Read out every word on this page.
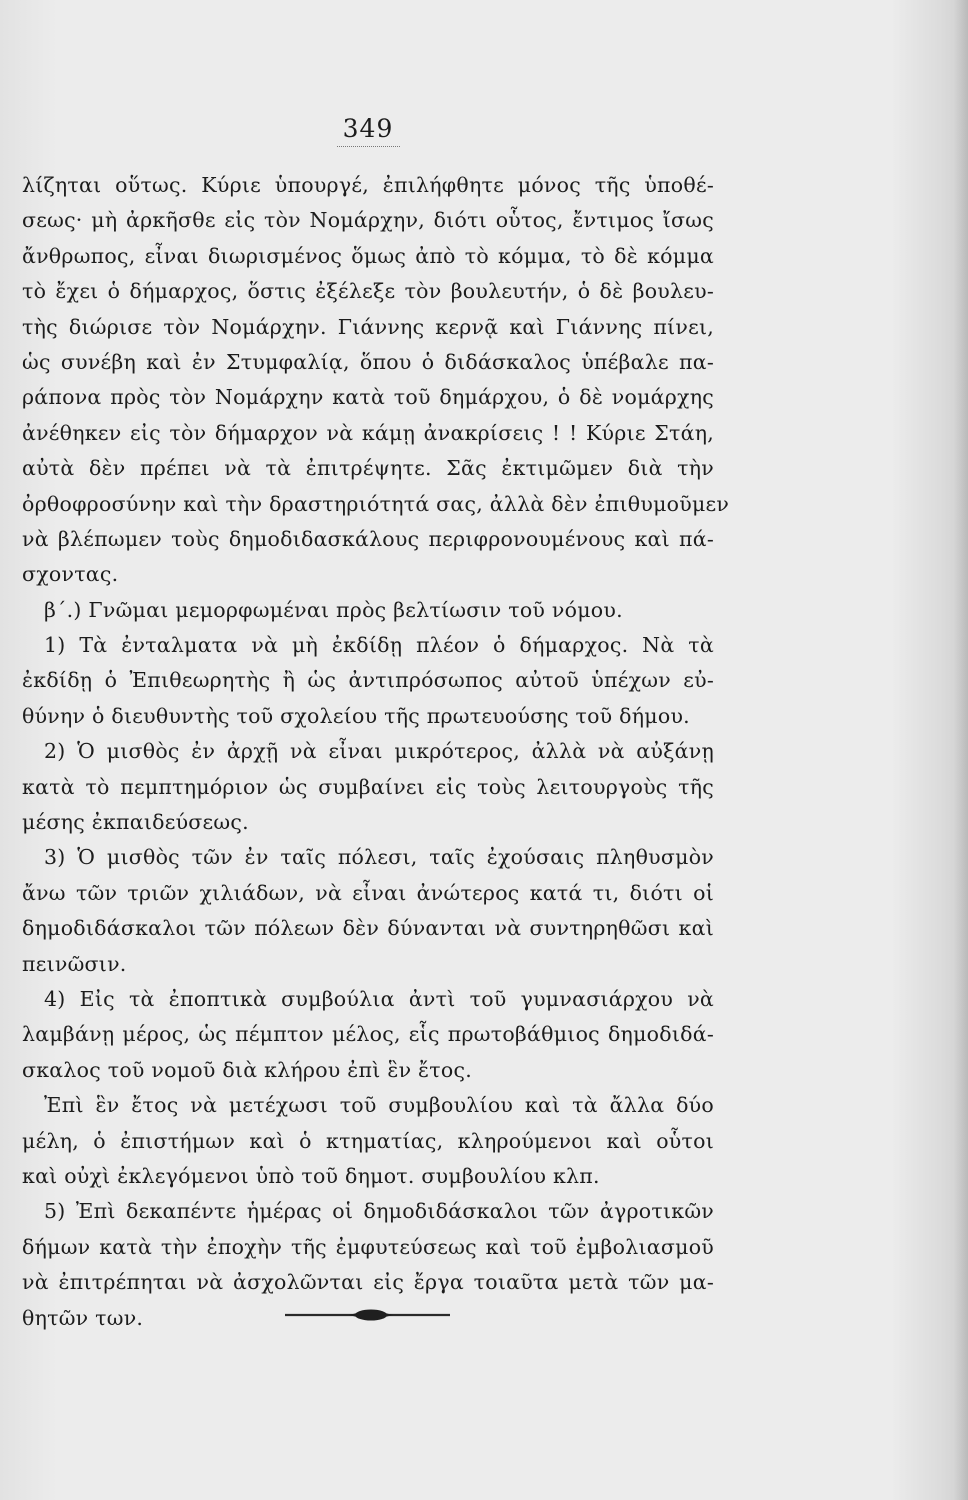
349
λίζηται οὕτως. Κύριε ὑπουργέ, ἐπιλήφθητε μόνος τῆς ὑποθέ-
σεως· μὴ ἀρκῆσθε εἰς τὸν Νομάρχην, διότι οὗτος, ἔντιμος ἴσως
ἄνθρωπος, εἶναι διωρισμένος ὅμως ἀπὸ τὸ κόμμα, τὸ δὲ κόμμα
τὸ ἔχει ὁ δήμαρχος, ὅστις ἐξέλεξε τὸν βουλευτήν, ὁ δὲ βουλευ-
τὴς διώρισε τὸν Νομάρχην. Γιάννης κερνᾷ καὶ Γιάννης πίνει,
ὡς συνέβη καὶ ἐν Στυμφαλίᾳ, ὅπου ὁ διδάσκαλος ὑπέβαλε πα-
ράπονα πρὸς τὸν Νομάρχην κατὰ τοῦ δημάρχου, ὁ δὲ νομάρχης
ἀνέθηκεν εἰς τὸν δήμαρχον νὰ κάμῃ ἀνακρίσεις ! ! Κύριε Στάη,
αὐτὰ δὲν πρέπει νὰ τὰ ἐπιτρέψητε. Σᾶς ἐκτιμῶμεν διὰ τὴν
ὀρθοφροσύνην καὶ τὴν δραστηριότητά σας, ἀλλὰ δὲν ἐπιθυμοῦμεν
νὰ βλέπωμεν τοὺς δημοδιδασκάλους περιφρονουμένους καὶ πά-
σχοντας.
β΄.) Γνῶμαι μεμορφωμέναι πρὸς βελτίωσιν τοῦ νόμου.
1) Τὰ ἐνταλματα νὰ μὴ ἐκδίδῃ πλέον ὁ δήμαρχος. Νὰ τὰ
ἐκδίδῃ ὁ Ἐπιθεωρητὴς ἢ ὡς ἀντιπρόσωπος αὐτοῦ ὑπέχων εὐ-
θύνην ὁ διευθυντὴς τοῦ σχολείου τῆς πρωτευούσης τοῦ δήμου.
2) Ὁ μισθὸς ἐν ἀρχῇ νὰ εἶναι μικρότερος, ἀλλὰ νὰ αὐξάνῃ
κατὰ τὸ πεμπτημόριον ὡς συμβαίνει εἰς τοὺς λειτουργοὺς τῆς
μέσης ἐκπαιδεύσεως.
3) Ὁ μισθὸς τῶν ἐν ταῖς πόλεσι, ταῖς ἐχούσαις πληθυσμὸν
ἄνω τῶν τριῶν χιλιάδων, νὰ εἶναι ἀνώτερος κατά τι, διότι οἱ
δημοδιδάσκαλοι τῶν πόλεων δὲν δύνανται νὰ συντηρηθῶσι καὶ
πεινῶσιν.
4) Εἰς τὰ ἐποπτικὰ συμβούλια ἀντὶ τοῦ γυμνασιάρχου νὰ
λαμβάνῃ μέρος, ὡς πέμπτον μέλος, εἷς πρωτοβάθμιος δημοδιδά-
σκαλος τοῦ νομοῦ διὰ κλήρου ἐπὶ ἓν ἔτος.
Ἐπὶ ἓν ἔτος νὰ μετέχωσι τοῦ συμβουλίου καὶ τὰ ἄλλα δύο
μέλη, ὁ ἐπιστήμων καὶ ὁ κτηματίας, κληρούμενοι καὶ οὗτοι
καὶ οὐχὶ ἐκλεγόμενοι ὑπὸ τοῦ δημοτ. συμβουλίου κλπ.
5) Ἐπὶ δεκαπέντε ἡμέρας οἱ δημοδιδάσκαλοι τῶν ἀγροτικῶν
δήμων κατὰ τὴν ἐποχὴν τῆς ἐμφυτεύσεως καὶ τοῦ ἐμβολιασμοῦ
νὰ ἐπιτρέπηται νὰ ἀσχολῶνται εἰς ἔργα τοιαῦτα μετὰ τῶν μα-
θητῶν των.
